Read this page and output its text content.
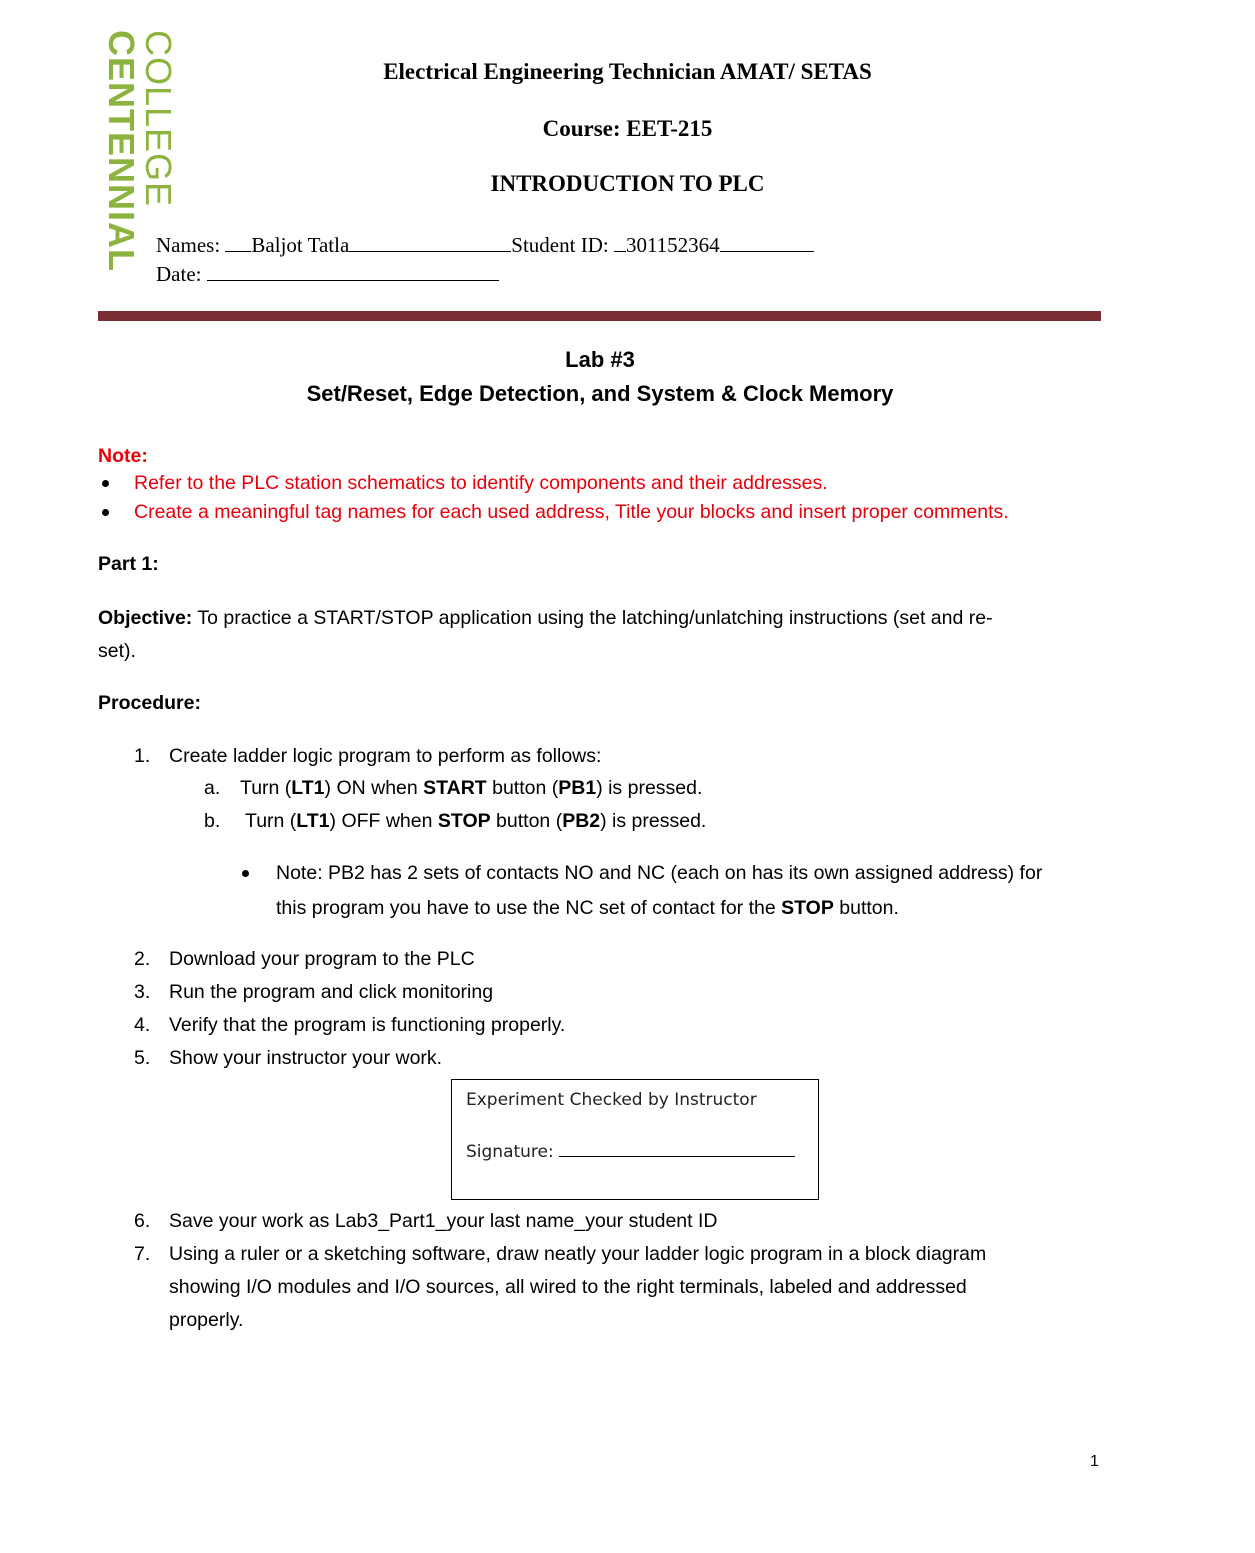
COLLEGE
CENTENNIAL	Electrical Engineering Technician AMAT/ SETAS
Course: EET-215
INTRODUCTION TO PLC
Names: Baljot Tatla	Student ID: 301152364
Date:
Lab #3
Set/Reset, Edge Detection, and System & Clock Memory
Note:
Refer to the PLC station schematics to identify components and their addresses.
Create a meaningful tag names for each used address, Title your blocks and insert proper comments.
Part 1:
Objective: To practice a START/STOP application using the latching/unlatching instructions (set and re-
set).
Procedure:
1. Create ladder logic program to perform as follows:
a. Turn (LT1) ON when START button (PB1) is pressed.
b. Turn (LT1) OFF when STOP button (PB2) is pressed.
Note: PB2 has 2 sets of contacts NO and NC (each on has its own assigned address) for
this program you have to use the NC set of contact for the STOP button.
2. Download your program to the PLC
3. Run the program and click monitoring
4. Verify that the program is functioning properly.
5. Show your instructor your work.
6. Save your work as Lab3_Part1_your last name_your student ID
7. Using a ruler or a sketching software, draw neatly your ladder logic program in a block diagram
showing I/O modules and I/O sources, all wired to the right terminals, labeled and addressed
properly.
Experiment Checked by Instructor
Signature:
1
